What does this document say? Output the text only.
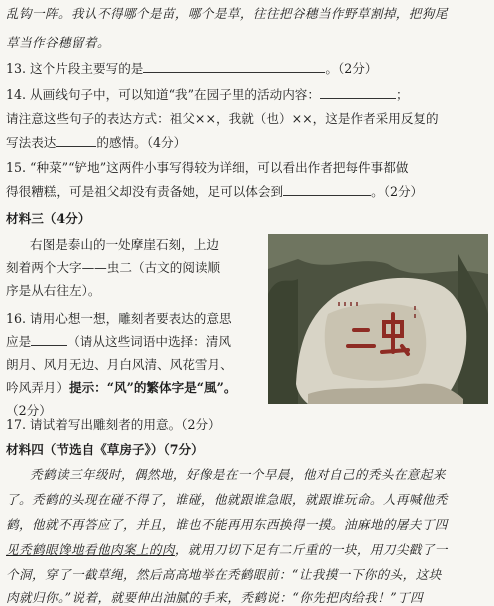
乱钩一阵。我认不得哪个是苗，哪个是草，往往把谷穗当作野草割掉，把狗尾
草当作谷穗留着。
13. 这个片段主要写的是	。（2分）
14. 从画线句子中，可以知道“我”在园子里的活动内容：	；
请注意这些句子的表达方式：祖父××，我就（也）××，这是作者采用反复的
写法表达	的感情。（4分）
15. “种菜”“铲地”这两件小事写得较为详细，可以看出作者把每件事都做
得很糟糕，可是祖父却没有责备她，足可以体会到	。（2分）
材料三（4分）
右图是泰山的一处摩崖石刻，上边
刻着两个大字——虫二（古文的阅读顺
序是从右往左）。
16. 请用心想一想，雕刻者要表达的意思
应是	（请从这些词语中选择：清风
朗月、风月无边、月白风清、风花雪月、
吟风弄月）提示：“风”的繁体字是“風”。
（2分）
17. 请试着写出雕刻者的用意。（2分）
材料四（节选自《草房子》）（7分）
秃鹤读三年级时，偶然地，好像是在一个早晨，他对自己的秃头在意起来
了。秃鹤的头现在碰不得了，谁碰，他就跟谁急眼，就跟谁玩命。人再喊他秃
鹤，他就不再答应了，并且，谁也不能再用东西换得一摸。油麻地的屠夫丁四
见秃鹤眼馋地看他肉案上的肉，就用刀切下足有二斤重的一块，用刀尖戳了一
个洞，穿了一截草绳，然后高高地举在秃鹤眼前：“让我摸一下你的头，这块
肉就归你。”说着，就要伸出油腻的手来，秃鹤说：“你先把肉给我！”丁四
